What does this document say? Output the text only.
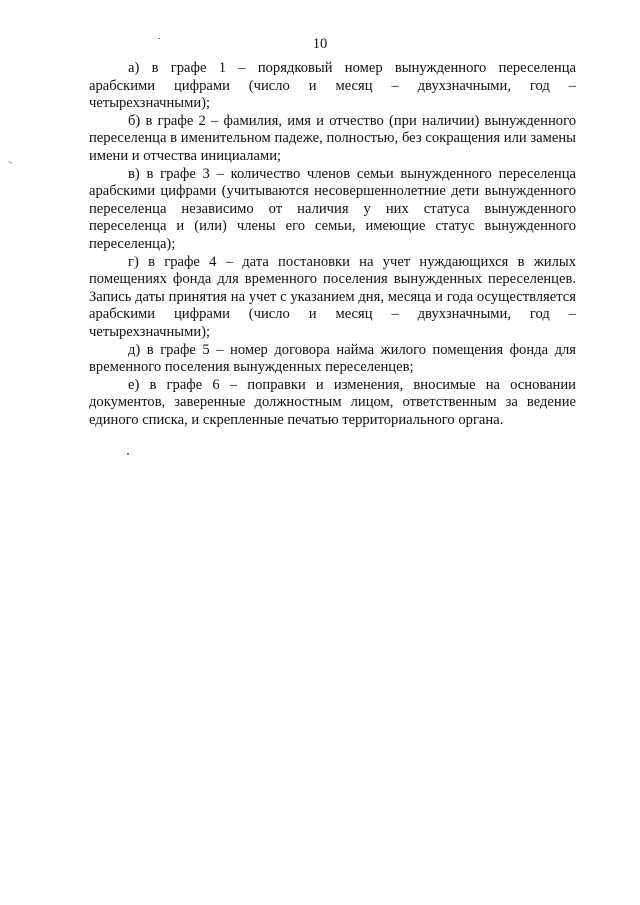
10

а) в графе 1 – порядковый номер вынужденного переселенца арабскими цифрами (число и месяц – двухзначными, год – четырехзначными);

б) в графе 2 – фамилия, имя и отчество (при наличии) вынужденного переселенца в именительном падеже, полностью, без сокращения или замены имени и отчества инициалами;

в) в графе 3 – количество членов семьи вынужденного переселенца арабскими цифрами (учитываются несовершеннолетние дети вынужденного переселенца независимо от наличия у них статуса вынужденного переселенца и (или) члены его семьи, имеющие статус вынужденного переселенца);

г) в графе 4 – дата постановки на учет нуждающихся в жилых помещениях фонда для временного поселения вынужденных переселенцев. Запись даты принятия на учет с указанием дня, месяца и года осуществляется арабскими цифрами (число и месяц – двухзначными, год – четырехзначными);

д) в графе 5 – номер договора найма жилого помещения фонда для временного поселения вынужденных переселенцев;

е) в графе 6 – поправки и изменения, вносимые на основании документов, заверенные должностным лицом, ответственным за ведение единого списка, и скрепленные печатью территориального органа.
